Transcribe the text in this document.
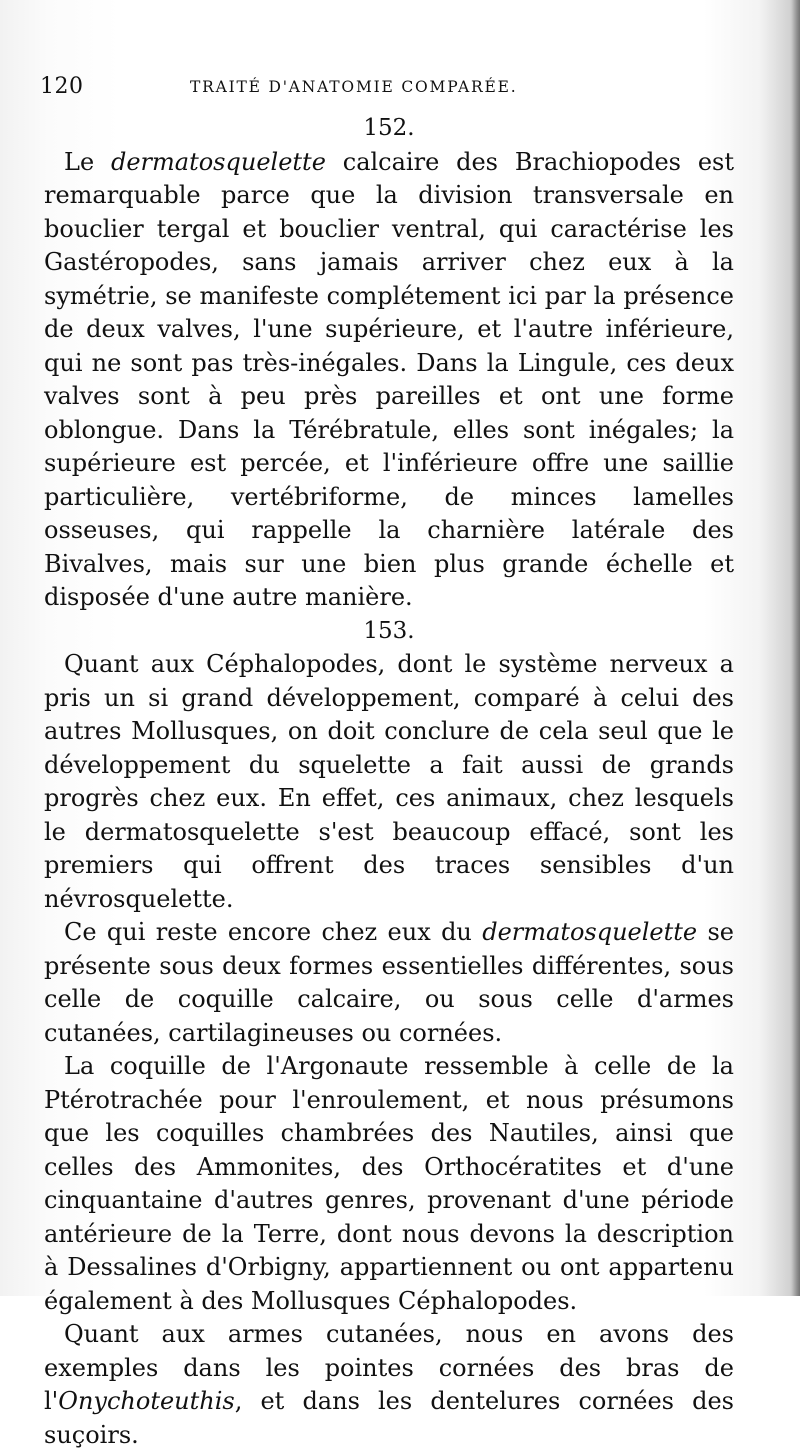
120	TRAITÉ D'ANATOMIE COMPARÉE.
152.

Le dermatosquelette calcaire des Brachiopodes est remarquable parce que la division transversale en bouclier tergal et bouclier ventral, qui caractérise les Gastéropodes, sans jamais arriver chez eux à la symétrie, se manifeste complétement ici par la présence de deux valves, l'une supérieure, et l'autre inférieure, qui ne sont pas très-inégales. Dans la Lingule, ces deux valves sont à peu près pareilles et ont une forme oblongue. Dans la Térébratule, elles sont inégales; la supérieure est percée, et l'inférieure offre une saillie particulière, vertébriforme, de minces lamelles osseuses, qui rappelle la charnière latérale des Bivalves, mais sur une bien plus grande échelle et disposée d'une autre manière.

153.

Quant aux Céphalopodes, dont le système nerveux a pris un si grand développement, comparé à celui des autres Mollusques, on doit conclure de cela seul que le développement du squelette a fait aussi de grands progrès chez eux. En effet, ces animaux, chez lesquels le dermatosquelette s'est beaucoup effacé, sont les premiers qui offrent des traces sensibles d'un névrosquelette.

Ce qui reste encore chez eux du dermatosquelette se présente sous deux formes essentielles différentes, sous celle de coquille calcaire, ou sous celle d'armes cutanées, cartilagineuses ou cornées.

La coquille de l'Argonaute ressemble à celle de la Ptérotrachée pour l'enroulement, et nous présumons que les coquilles chambrées des Nautiles, ainsi que celles des Ammonites, des Orthocératites et d'une cinquantaine d'autres genres, provenant d'une période antérieure de la Terre, dont nous devons la description à Dessalines d'Orbigny, appartiennent ou ont appartenu également à des Mollusques Céphalopodes.

Quant aux armes cutanées, nous en avons des exemples dans les pointes cornées des bras de l'Onychoteuthis, et dans les dentelures cornées des suçoirs.
